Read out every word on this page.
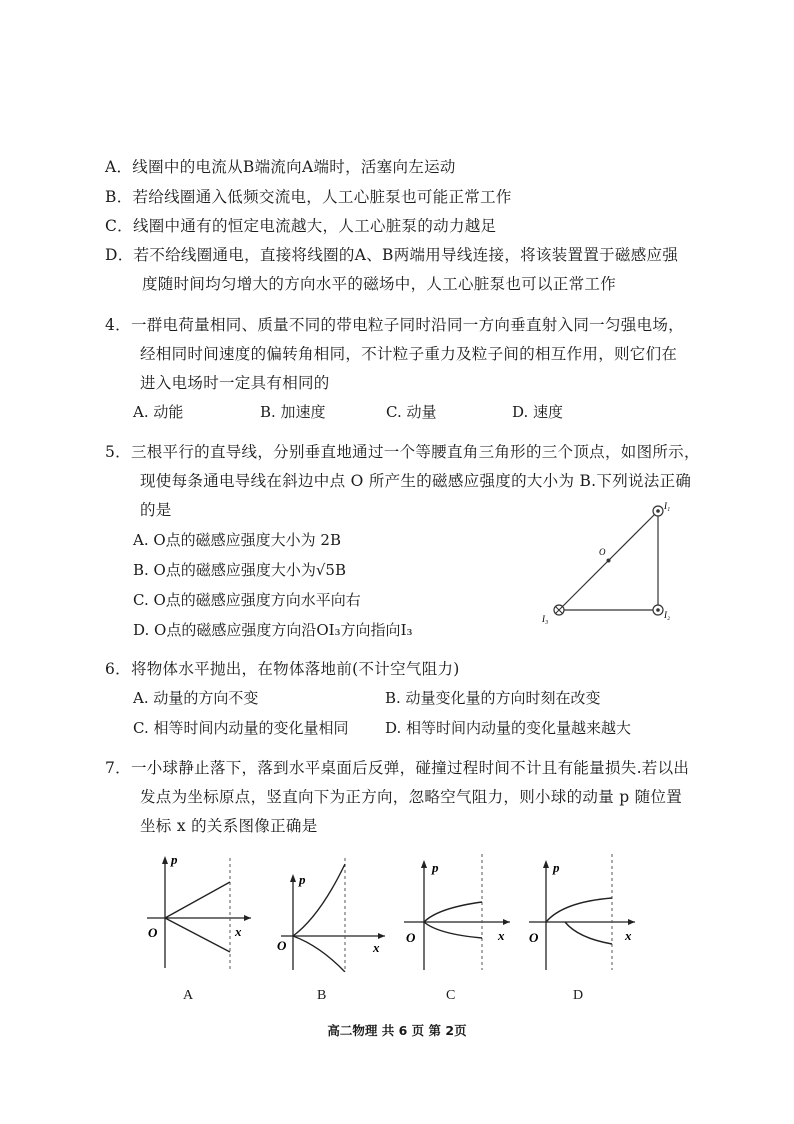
A．线圈中的电流从B端流向A端时，活塞向左运动
B．若给线圈通入低频交流电，人工心脏泵也可能正常工作
C．线圈中通有的恒定电流越大，人工心脏泵的动力越足
D．若不给线圈通电，直接将线圈的A、B两端用导线连接，将该装置置于磁感应强
度随时间均匀增大的方向水平的磁场中，人工心脏泵也可以正常工作
4．一群电荷量相同、质量不同的带电粒子同时沿同一方向垂直射入同一匀强电场，
经相同时间速度的偏转角相同，不计粒子重力及粒子间的相互作用，则它们在
进入电场时一定具有相同的
A. 动能	B. 加速度	C. 动量	D. 速度
5．三根平行的直导线，分别垂直地通过一个等腰直角三角形的三个顶点，如图所示，
现使每条通电导线在斜边中点 O 所产生的磁感应强度的大小为 B.下列说法正确
的是
A. O点的磁感应强度大小为 2B
B. O点的磁感应强度大小为√5B
C. O点的磁感应强度方向水平向右
D. O点的磁感应强度方向沿OI₃方向指向I₃
O
I₁
I₂
I₃
6．将物体水平抛出，在物体落地前(不计空气阻力)
A. 动量的方向不变	B. 动量变化量的方向时刻在改变
C. 相等时间内动量的变化量相同 D. 相等时间内动量的变化量越来越大
7．一小球静止落下，落到水平桌面后反弹，碰撞过程时间不计且有能量损失.若以出
发点为坐标原点，竖直向下为正方向，忽略空气阻力，则小球的动量 p 随位置
坐标 x 的关系图像正确是
p
x
O
p
x
O
p
x
O
p
x
O
A	B	C	D
高二物理 共 6 页 第 2页
